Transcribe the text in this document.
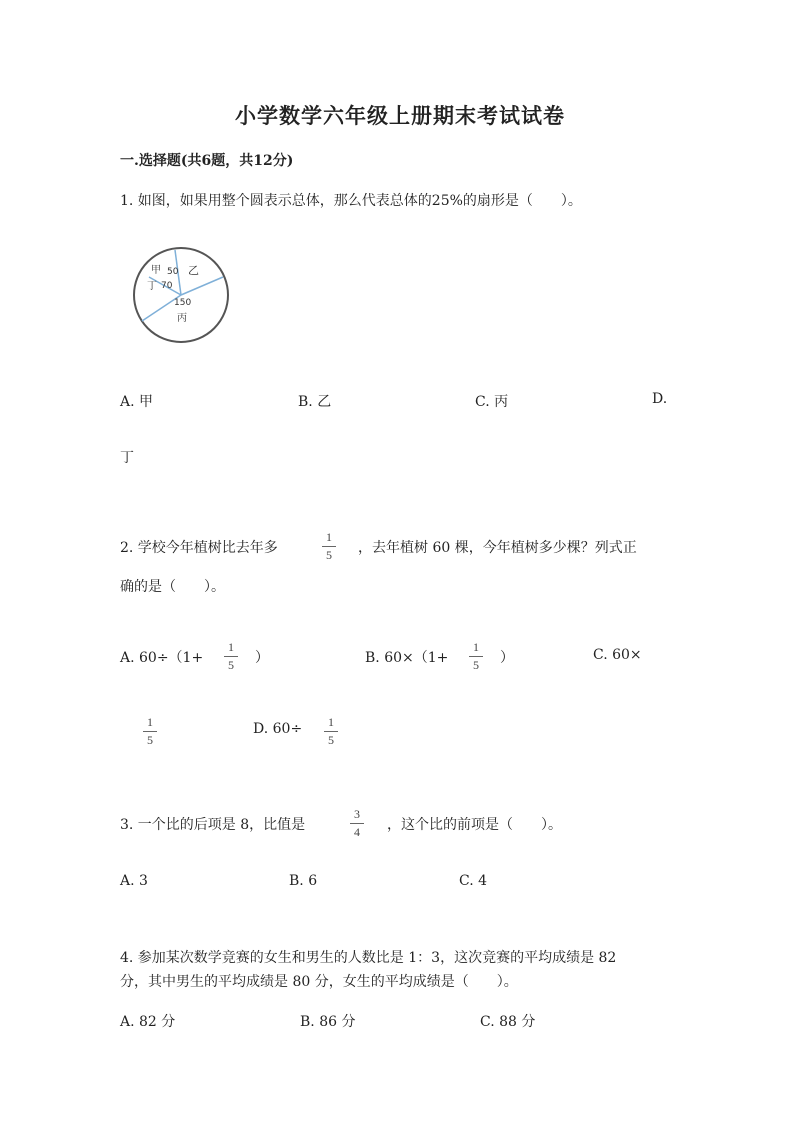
小学数学六年级上册期末考试试卷
一.选择题(共6题，共12分)
1. 如图，如果用整个圆表示总体，那么代表总体的25%的扇形是（　　）。
甲 50 乙
丁 70
150
丙
A. 甲	B. 乙	C. 丙	D.
丁
2. 学校今年植树比去年多
1
5	，去年植树 60 棵，今年植树多少棵？列式正
确的是（　　）。
A. 60÷（1+
1
5	）	B. 60×（1+
1
5	）	C. 60×
1
5
D. 60÷	1
5
3. 一个比的后项是 8，比值是
3
4	，这个比的前项是（　　）。
A. 3	B. 6	C. 4
4. 参加某次数学竞赛的女生和男生的人数比是 1：3，这次竞赛的平均成绩是 82
分，其中男生的平均成绩是 80 分，女生的平均成绩是（　　）。
A. 82 分	B. 86 分	C. 88 分
